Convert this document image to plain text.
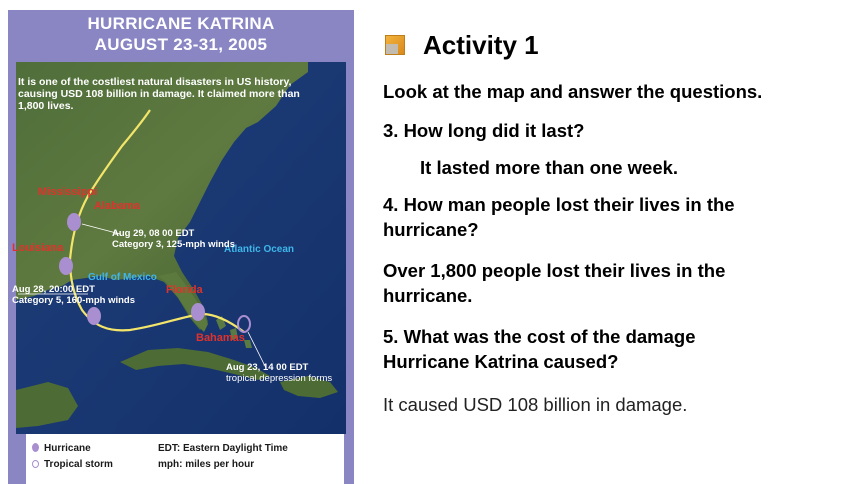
HURRICANE KATRINA
AUGUST 23-31, 2005
It is one of the costliest natural disasters in US history, causing USD 108 billion in damage. It claimed more than 1,800 lives.
Mississippi
Alabama
Louisiana
Florida
Bahamas
Atlantic Ocean
Gulf of Mexico
Aug 29, 08 00 EDT
Category 3, 125-mph winds
Aug 28, 20:00 EDT
Category 5, 160-mph winds
Aug 23, 14 00 EDT
tropical depression forms
Hurricane
Tropical storm
EDT: Eastern Daylight Time
mph: miles per hour
Activity 1
Look at the map and answer the questions.
3. How long did it last?
It lasted more than one week.
4. How man people lost their lives in the
hurricane?
Over 1,800 people lost their lives in the
hurricane.
5. What was the cost of the damage
Hurricane Katrina caused?
It caused USD 108 billion in damage.
